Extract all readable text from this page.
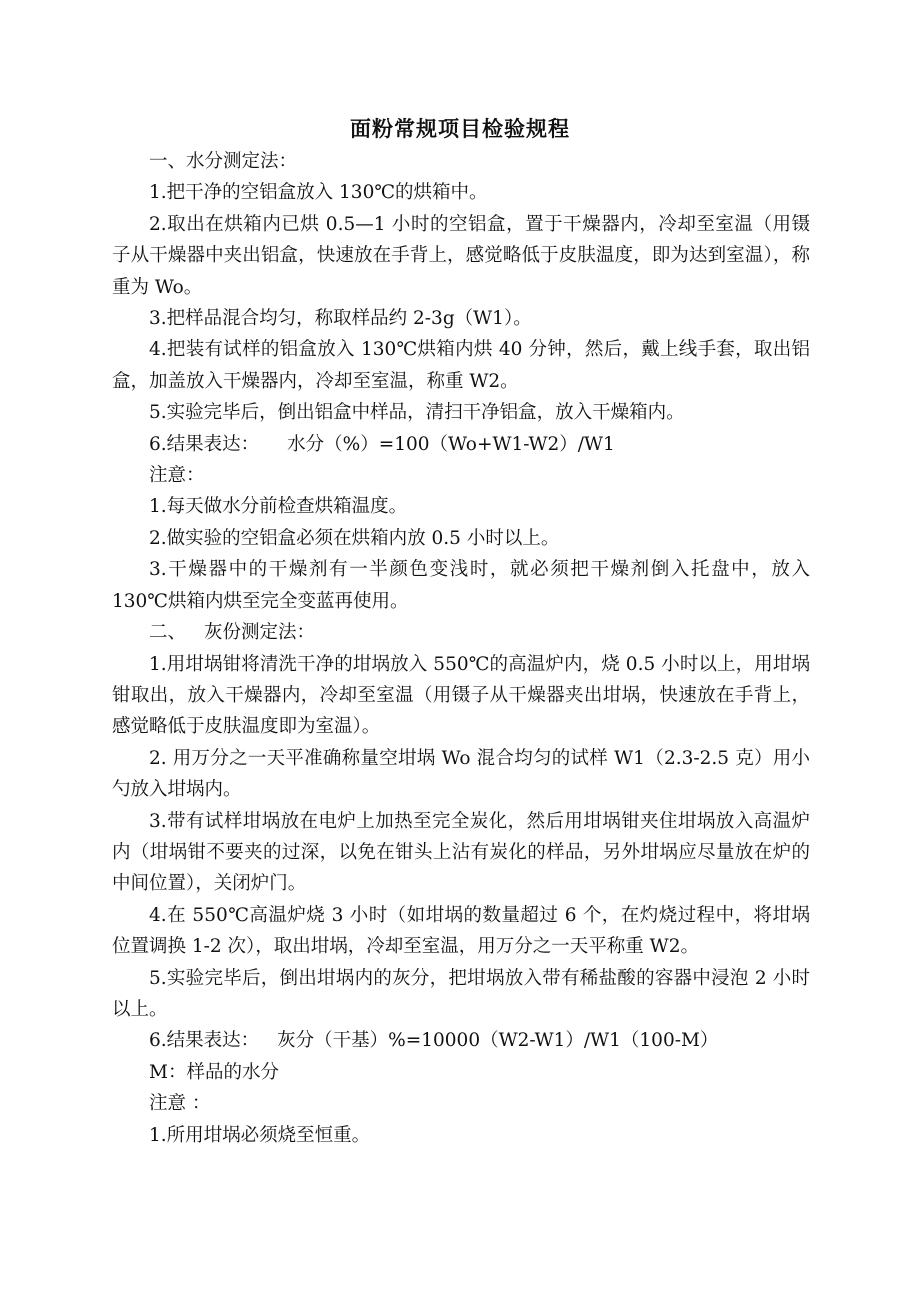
面粉常规项目检验规程

一、水分测定法：

1.把干净的空铝盒放入 130℃的烘箱中。

2.取出在烘箱内已烘 0.5—1 小时的空铝盒，置于干燥器内，冷却至室温（用镊子从干燥器中夹出铝盒，快速放在手背上，感觉略低于皮肤温度，即为达到室温），称重为 Wo。

3.把样品混合均匀，称取样品约 2-3g（W1）。

4.把装有试样的铝盒放入 130℃烘箱内烘 40 分钟，然后，戴上线手套，取出铝盒，加盖放入干燥器内，冷却至室温，称重 W2。

5.实验完毕后，倒出铝盒中样品，清扫干净铝盒，放入干燥箱内。

6.结果表达： 水分（%）=100（Wo+W1-W2）/W1

注意：

1.每天做水分前检查烘箱温度。

2.做实验的空铝盒必须在烘箱内放 0.5 小时以上。

3.干燥器中的干燥剂有一半颜色变浅时，就必须把干燥剂倒入托盘中，放入 130℃烘箱内烘至完全变蓝再使用。

二、 灰份测定法：

1.用坩埚钳将清洗干净的坩埚放入 550℃的高温炉内，烧 0.5 小时以上，用坩埚钳取出，放入干燥器内，冷却至室温（用镊子从干燥器夹出坩埚，快速放在手背上，感觉略低于皮肤温度即为室温）。

2. 用万分之一天平准确称量空坩埚 Wo 混合均匀的试样 W1（2.3-2.5 克）用小勺放入坩埚内。

3.带有试样坩埚放在电炉上加热至完全炭化，然后用坩埚钳夹住坩埚放入高温炉内（坩埚钳不要夹的过深，以免在钳头上沾有炭化的样品，另外坩埚应尽量放在炉的中间位置），关闭炉门。

4.在 550℃高温炉烧 3 小时（如坩埚的数量超过 6 个，在灼烧过程中，将坩埚位置调换 1-2 次），取出坩埚，冷却至室温，用万分之一天平称重 W2。

5.实验完毕后，倒出坩埚内的灰分，把坩埚放入带有稀盐酸的容器中浸泡 2 小时以上。

6.结果表达： 灰分（干基）%=10000（W2-W1）/W1（100-M）

M：样品的水分

注意 ：

1.所用坩埚必须烧至恒重。
